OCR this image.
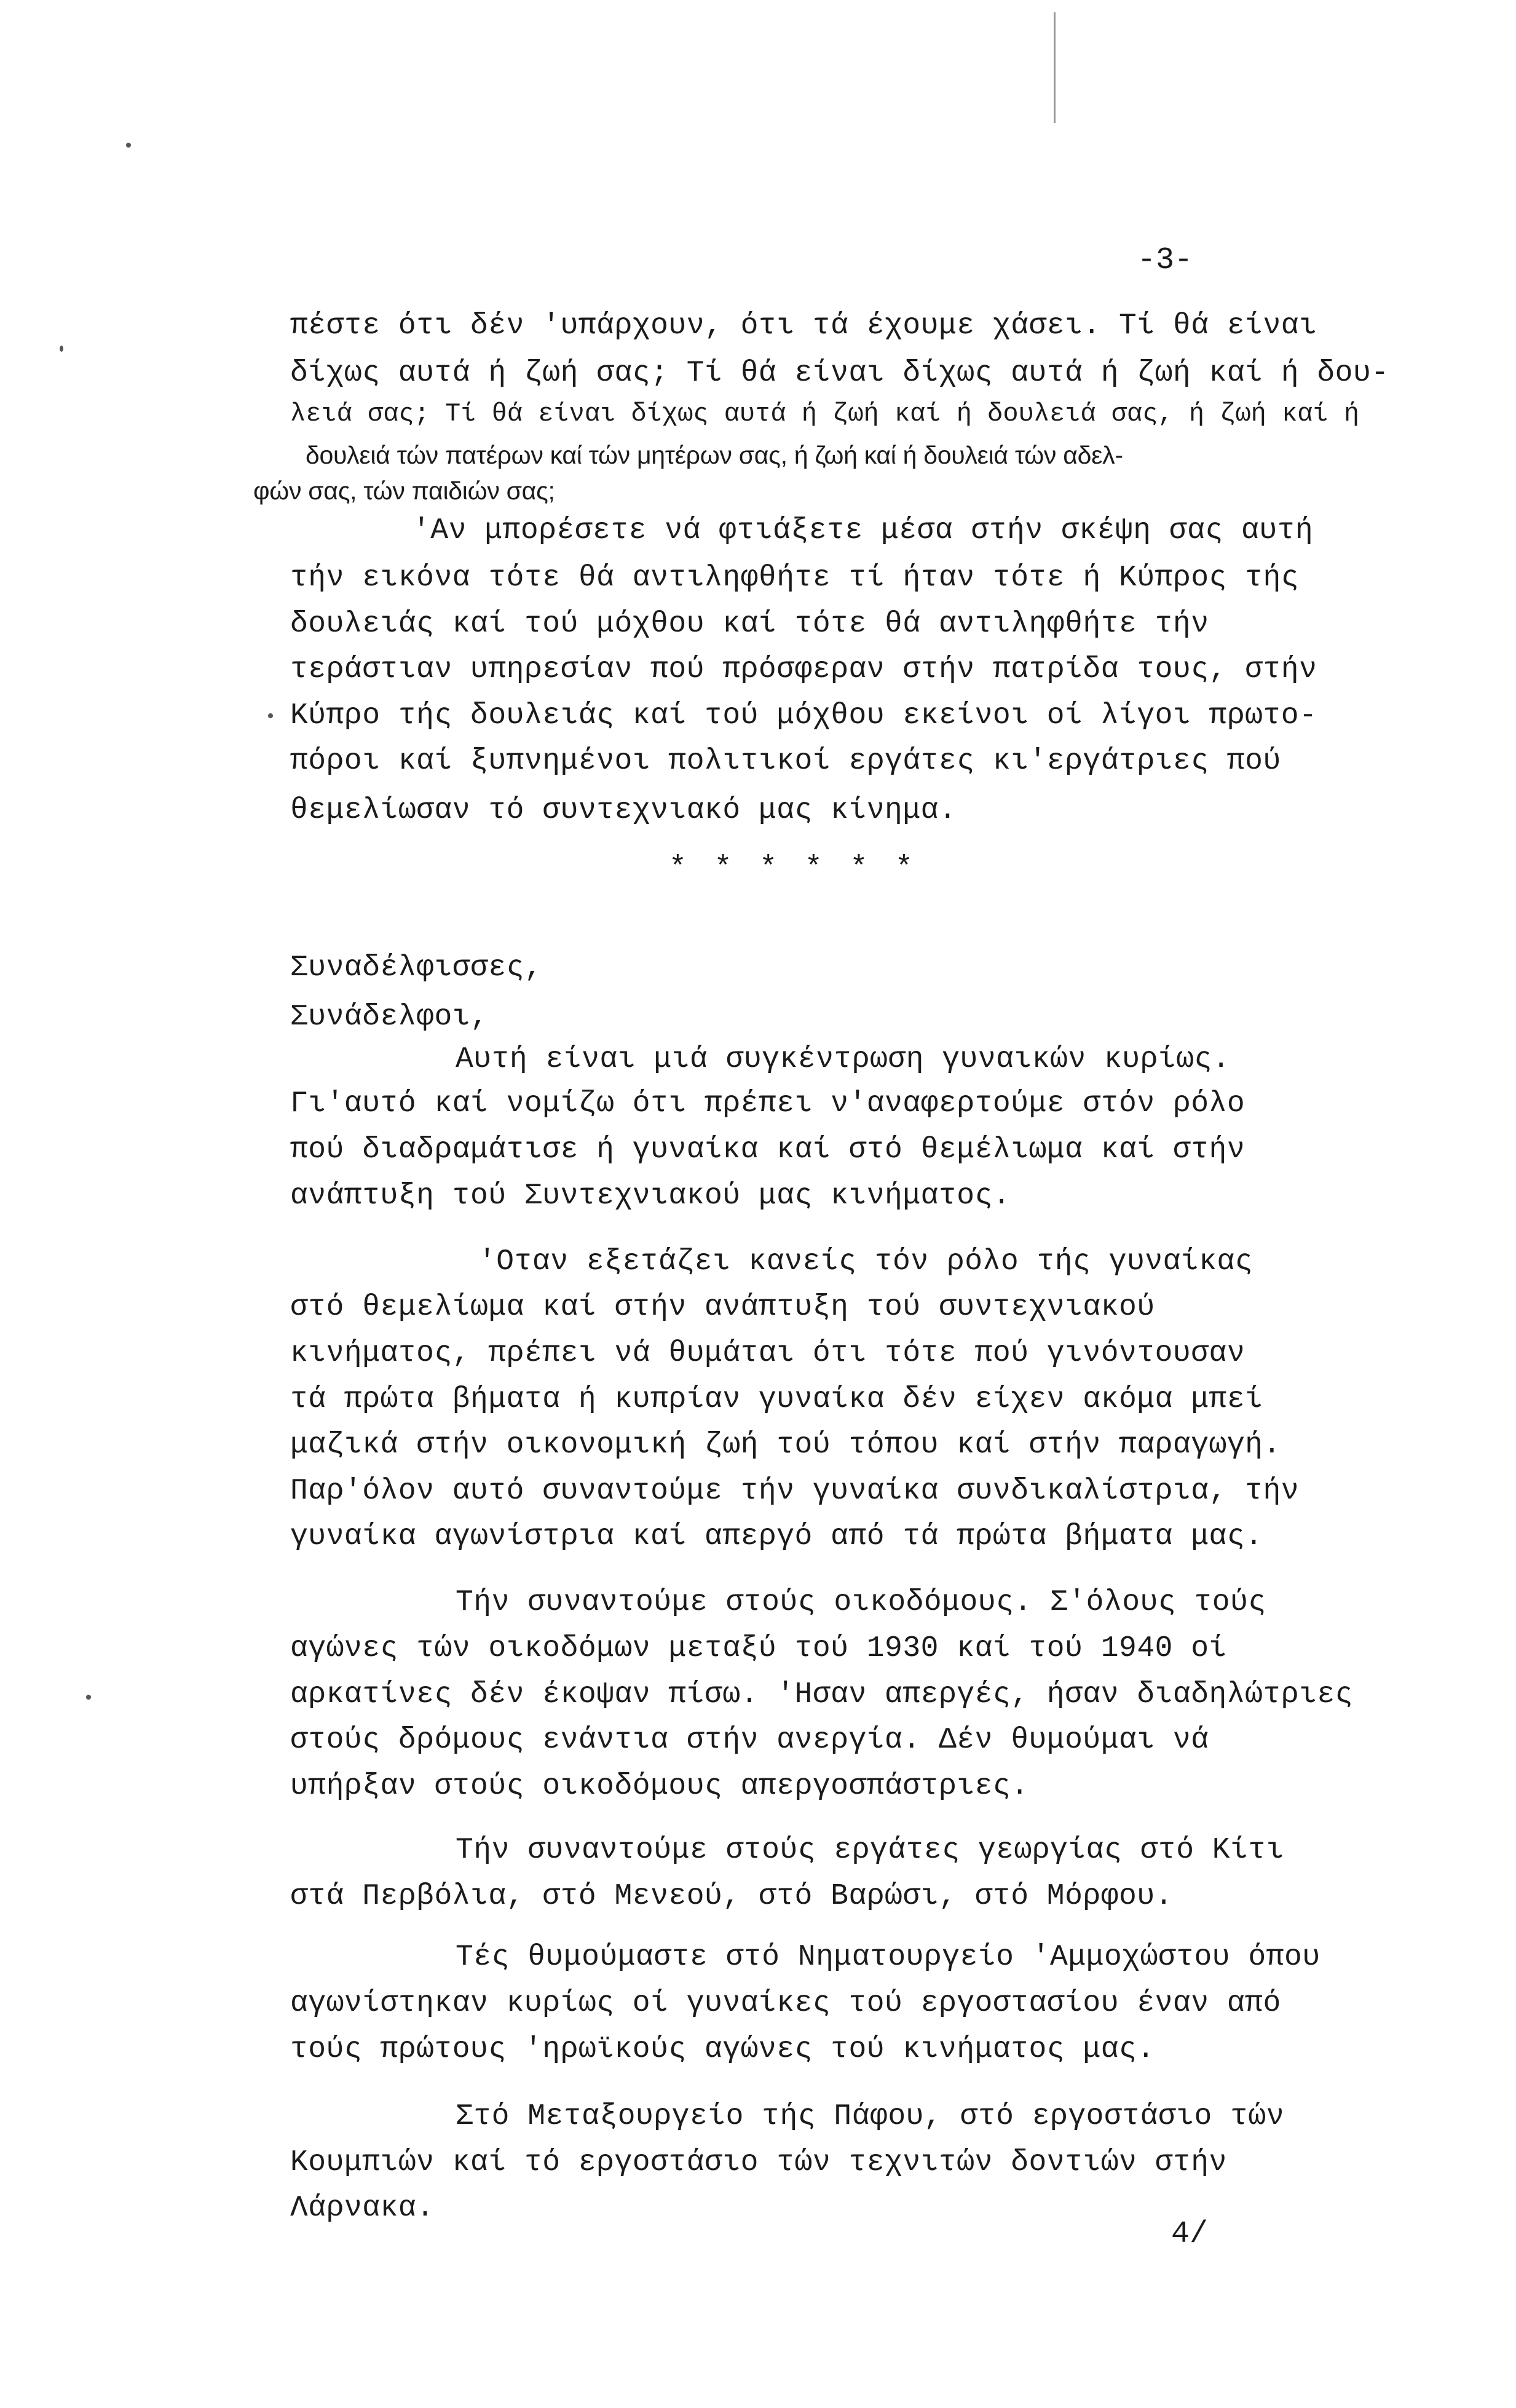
-3-
πέστε ότι δέν 'υπάρχουν, ότι τά έχουμε χάσει. Τί θά είναι
δίχως αυτά ή ζωή σας; Τί θά είναι δίχως αυτά ή ζωή καί ή δου-
λειά σας; Τί θά είναι δίχως αυτά ή ζωή καί ή δουλειά σας, ή ζωή καί ή
δουλειά τών πατέρων καί τών μητέρων σας, ή ζωή καί ή δουλειά τών αδελ-
φών σας, τών παιδιών σας;
'Αν μπορέσετε νά φτιάξετε μέσα στήν σκέψη σας αυτή
τήν εικόνα τότε θά αντιληφθήτε τί ήταν τότε ή Κύπρος τής
δουλειάς καί τού μόχθου καί τότε θά αντιληφθήτε τήν
τεράστιαν υπηρεσίαν πού πρόσφεραν στήν πατρίδα τους, στήν
Κύπρο τής δουλειάς καί τού μόχθου εκείνοι οί λίγοι πρωτο-
πόροι καί ξυπνημένοι πολιτικοί εργάτες κι'εργάτριες πού
θεμελίωσαν τό συντεχνιακό μας κίνημα.
* * * * * *
Συναδέλφισσες,
Συνάδελφοι,
Αυτή είναι μιά συγκέντρωση γυναικών κυρίως.
Γι'αυτό καί νομίζω ότι πρέπει ν'αναφερτούμε στόν ρόλο
πού διαδραμάτισε ή γυναίκα καί στό θεμέλιωμα καί στήν
ανάπτυξη τού Συντεχνιακού μας κινήματος.
'Οταν εξετάζει κανείς τόν ρόλο τής γυναίκας
στό θεμελίωμα καί στήν ανάπτυξη τού συντεχνιακού
κινήματος, πρέπει νά θυμάται ότι τότε πού γινόντουσαν
τά πρώτα βήματα ή κυπρίαν γυναίκα δέν είχεν ακόμα μπεί
μαζικά στήν οικονομική ζωή τού τόπου καί στήν παραγωγή.
Παρ'όλον αυτό συναντούμε τήν γυναίκα συνδικαλίστρια, τήν
γυναίκα αγωνίστρια καί απεργό από τά πρώτα βήματα μας.
Τήν συναντούμε στούς οικοδόμους. Σ'όλους τούς
αγώνες τών οικοδόμων μεταξύ τού 1930 καί τού 1940 οί
αρκατίνες δέν έκοψαν πίσω. 'Ησαν απεργές, ήσαν διαδηλώτριες
στούς δρόμους ενάντια στήν ανεργία. Δέν θυμούμαι νά
υπήρξαν στούς οικοδόμους απεργοσπάστριες.
Τήν συναντούμε στούς εργάτες γεωργίας στό Κίτι
στά Περβόλια, στό Μενεού, στό Βαρώσι, στό Μόρφου.
Τές θυμούμαστε στό Νηματουργείο 'Αμμοχώστου όπου
αγωνίστηκαν κυρίως οί γυναίκες τού εργοστασίου έναν από
τούς πρώτους 'ηρωϊκούς αγώνες τού κινήματος μας.
Στό Μεταξουργείο τής Πάφου, στό εργοστάσιο τών
Κουμπιών καί τό εργοστάσιο τών τεχνιτών δοντιών στήν
Λάρνακα.
4/
